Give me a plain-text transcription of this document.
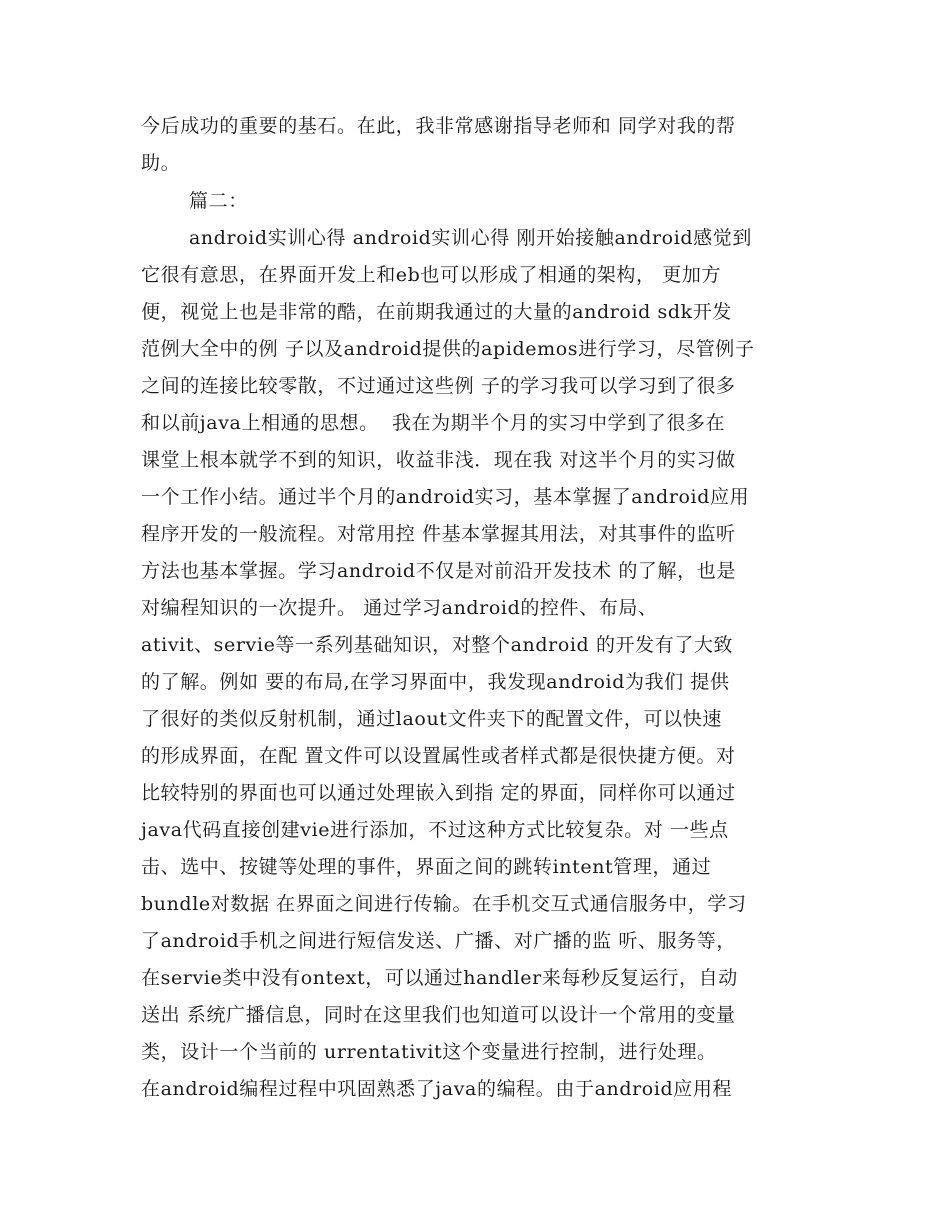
今后成功的重要的基石。在此，我非常感谢指导老师和 同学对我的帮
助。
篇二：
android实训心得 android实训心得 刚开始接触android感觉到
它很有意思，在界面开发上和eb也可以形成了相通的架构， 更加方
便，视觉上也是非常的酷，在前期我通过的大量的android sdk开发
范例大全中的例 子以及android提供的apidemos进行学习，尽管例子
之间的连接比较零散，不过通过这些例 子的学习我可以学习到了很多
和以前java上相通的思想。  我在为期半个月的实习中学到了很多在
课堂上根本就学不到的知识，收益非浅．现在我 对这半个月的实习做
一个工作小结。通过半个月的android实习，基本掌握了android应用
程序开发的一般流程。对常用控 件基本掌握其用法，对其事件的监听
方法也基本掌握。学习android不仅是对前沿开发技术 的了解，也是
对编程知识的一次提升。 通过学习android的控件、布局、
ativit、servie等一系列基础知识，对整个android 的开发有了大致
的了解。例如 要的布局,在学习界面中，我发现android为我们 提供
了很好的类似反射机制，通过laout文件夹下的配置文件，可以快速
的形成界面，在配 置文件可以设置属性或者样式都是很快捷方便。对
比较特别的界面也可以通过处理嵌入到指 定的界面，同样你可以通过
java代码直接创建vie进行添加，不过这种方式比较复杂。对 一些点
击、选中、按键等处理的事件，界面之间的跳转intent管理，通过
bundle对数据 在界面之间进行传输。在手机交互式通信服务中，学习
了android手机之间进行短信发送、广播、对广播的监 听、服务等，
在servie类中没有ontext，可以通过handler来每秒反复运行，自动
送出 系统广播信息，同时在这里我们也知道可以设计一个常用的变量
类，设计一个当前的 urrentativit这个变量进行控制，进行处理。
在android编程过程中巩固熟悉了java的编程。由于android应用程
